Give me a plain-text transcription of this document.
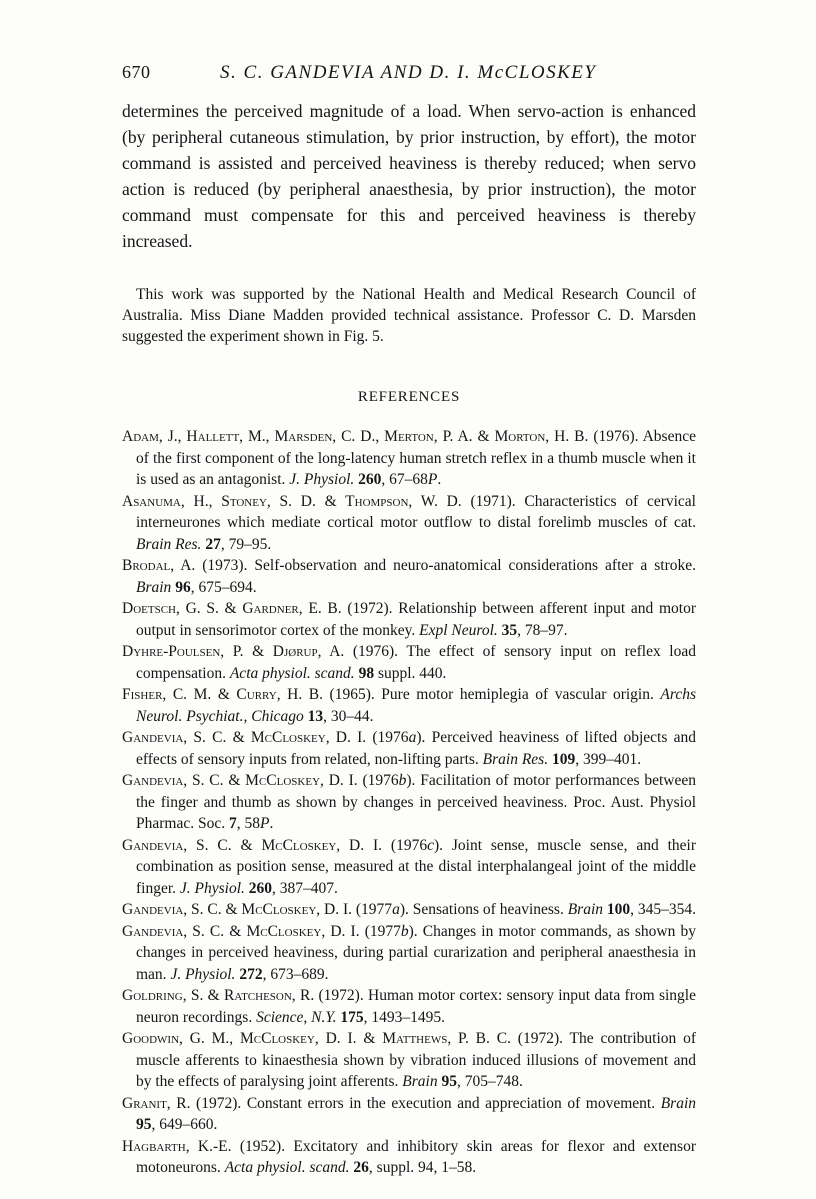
670	S. C. GANDEVIA AND D. I. McCLOSKEY

determines the perceived magnitude of a load. When servo-action is enhanced (by peripheral cutaneous stimulation, by prior instruction, by effort), the motor command is assisted and perceived heaviness is thereby reduced; when servo action is reduced (by peripheral anaesthesia, by prior instruction), the motor command must compensate for this and perceived heaviness is thereby increased.

This work was supported by the National Health and Medical Research Council of Australia. Miss Diane Madden provided technical assistance. Professor C. D. Marsden suggested the experiment shown in Fig. 5.

REFERENCES

Adam, J., Hallett, M., Marsden, C. D., Merton, P. A. & Morton, H. B. (1976). Absence of the first component of the long-latency human stretch reflex in a thumb muscle when it is used as an antagonist. J. Physiol. 260, 67–68P.

Asanuma, H., Stoney, S. D. & Thompson, W. D. (1971). Characteristics of cervical interneurones which mediate cortical motor outflow to distal forelimb muscles of cat. Brain Res. 27, 79–95.

Brodal, A. (1973). Self-observation and neuro-anatomical considerations after a stroke. Brain 96, 675–694.

Doetsch, G. S. & Gardner, E. B. (1972). Relationship between afferent input and motor output in sensorimotor cortex of the monkey. Expl Neurol. 35, 78–97.

Dyhre-Poulsen, P. & Djørup, A. (1976). The effect of sensory input on reflex load compensation. Acta physiol. scand. 98 suppl. 440.

Fisher, C. M. & Curry, H. B. (1965). Pure motor hemiplegia of vascular origin. Archs Neurol. Psychiat., Chicago 13, 30–44.

Gandevia, S. C. & McCloskey, D. I. (1976a). Perceived heaviness of lifted objects and effects of sensory inputs from related, non-lifting parts. Brain Res. 109, 399–401.

Gandevia, S. C. & McCloskey, D. I. (1976b). Facilitation of motor performances between the finger and thumb as shown by changes in perceived heaviness. Proc. Aust. Physiol Pharmac. Soc. 7, 58P.

Gandevia, S. C. & McCloskey, D. I. (1976c). Joint sense, muscle sense, and their combination as position sense, measured at the distal interphalangeal joint of the middle finger. J. Physiol. 260, 387–407.

Gandevia, S. C. & McCloskey, D. I. (1977a). Sensations of heaviness. Brain 100, 345–354.

Gandevia, S. C. & McCloskey, D. I. (1977b). Changes in motor commands, as shown by changes in perceived heaviness, during partial curarization and peripheral anaesthesia in man. J. Physiol. 272, 673–689.

Goldring, S. & Ratcheson, R. (1972). Human motor cortex: sensory input data from single neuron recordings. Science, N.Y. 175, 1493–1495.

Goodwin, G. M., McCloskey, D. I. & Matthews, P. B. C. (1972). The contribution of muscle afferents to kinaesthesia shown by vibration induced illusions of movement and by the effects of paralysing joint afferents. Brain 95, 705–748.

Granit, R. (1972). Constant errors in the execution and appreciation of movement. Brain 95, 649–660.

Hagbarth, K.-E. (1952). Excitatory and inhibitory skin areas for flexor and extensor motoneurons. Acta physiol. scand. 26, suppl. 94, 1–58.
